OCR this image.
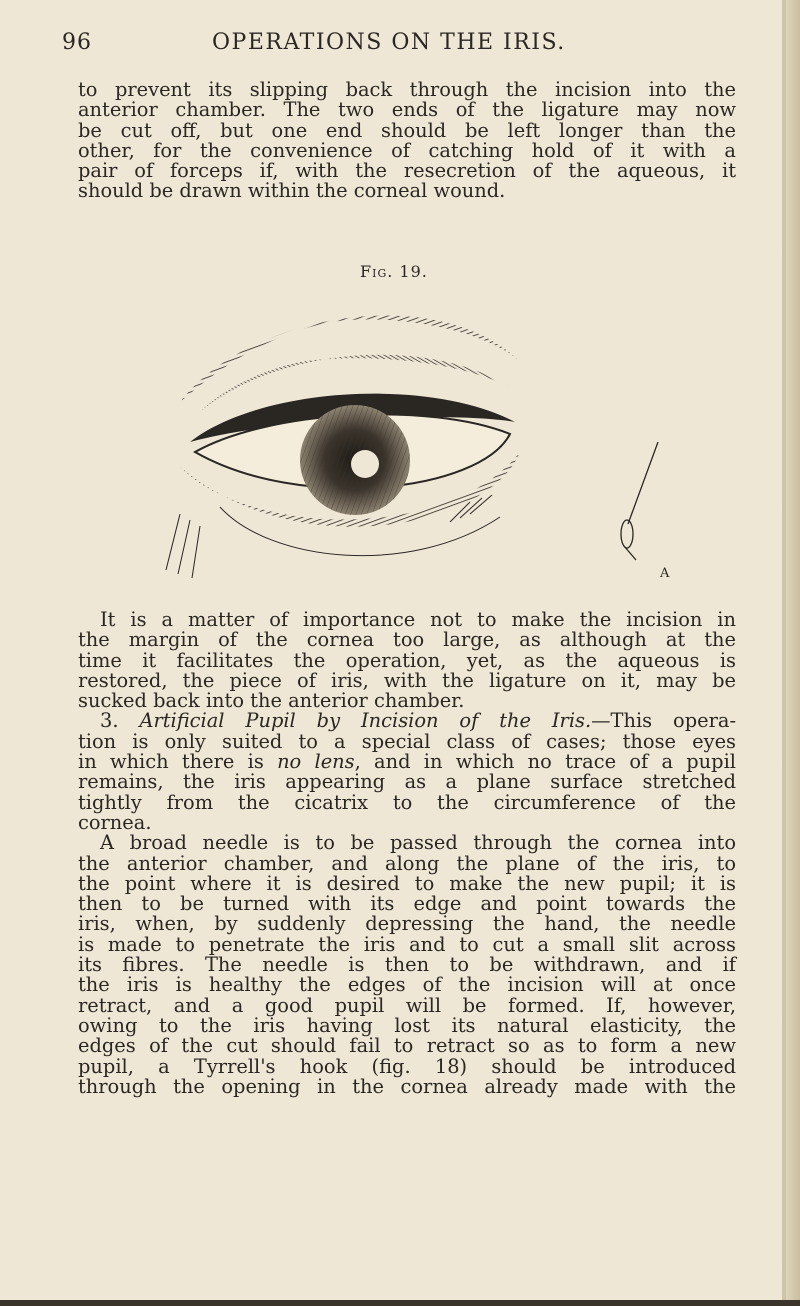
96	OPERATIONS ON THE IRIS.
to prevent its slipping back through the incision into the
anterior chamber. The two ends of the ligature may now
be cut off, but one end should be left longer than the
other, for the convenience of catching hold of it with a
pair of forceps if, with the resecretion of the aqueous, it
should be drawn within the corneal wound.
Fig. 19.
A
It is a matter of importance not to make the incision in
the margin of the cornea too large, as although at the
time it facilitates the operation, yet, as the aqueous is
restored, the piece of iris, with the ligature on it, may be
sucked back into the anterior chamber.
3. Artificial Pupil by Incision of the Iris.—This opera-
tion is only suited to a special class of cases; those eyes
in which there is no lens, and in which no trace of a pupil
remains, the iris appearing as a plane surface stretched
tightly from the cicatrix to the circumference of the
cornea.
A broad needle is to be passed through the cornea into
the anterior chamber, and along the plane of the iris, to
the point where it is desired to make the new pupil; it is
then to be turned with its edge and point towards the
iris, when, by suddenly depressing the hand, the needle
is made to penetrate the iris and to cut a small slit across
its fibres. The needle is then to be withdrawn, and if
the iris is healthy the edges of the incision will at once
retract, and a good pupil will be formed. If, however,
owing to the iris having lost its natural elasticity, the
edges of the cut should fail to retract so as to form a new
pupil, a Tyrrell's hook (fig. 18) should be introduced
through the opening in the cornea already made with the
